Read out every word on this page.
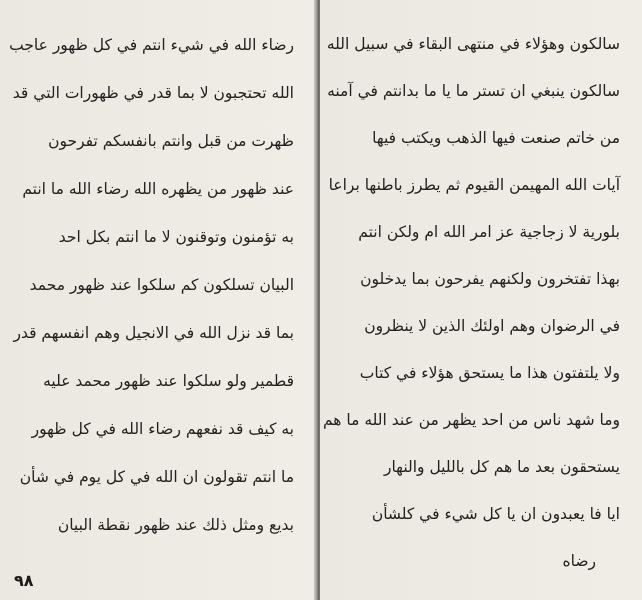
رضاء الله في شيء انتم في كل ظهور عاجب
الله تحتجبون لا بما قدر في ظهورات التي قد
ظهرت من قبل وانتم بانفسكم تفرحون
عند ظهور من يظهره الله رضاء الله ما انتم
به تؤمنون وتوقنون لا ما انتم بكل احد
البيان تسلكون كم سلكوا عند ظهور محمد
بما قد نزل الله في الانجيل وهم انفسهم قدر
قطمير ولو سلكوا عند ظهور محمد عليه
به كيف قد نفعهم رضاء الله في كل ظهور
ما انتم تقولون ان الله في كل يوم في شأن
بديع ومثل ذلك عند ظهور نقطة البيان
٩٨
سالكون وهؤلاء في منتهى البقاء في سبيل الله
سالكون ينبغي ان تستر ما يا ما بدانتم في آمنه
من خاتم صنعت فيها الذهب ويكتب فيها
آيات الله المهيمن القيوم ثم يطرز باطنها براعا
بلورية لا زجاجية عز امر الله ام ولكن انتم
بهذا تفتخرون ولكنهم يفرحون بما يدخلون
في الرضوان وهم اولئك الذين لا ينظرون
ولا يلتفتون هذا ما يستحق هؤلاء في كتاب
وما شهد ناس من احد يظهر من عند الله ما هم
يستحقون بعد ما هم كل بالليل والنهار
ايا فا يعبدون ان يا كل شيء في كلشأن
رضاه
